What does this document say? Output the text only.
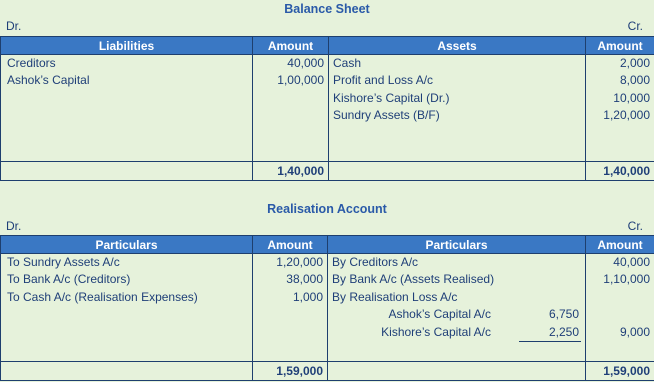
Balance Sheet
Dr.	Cr.
Liabilities	Amount	Assets	Amount
Creditors	40,000	Cash	2,000
Ashok’s Capital	1,00,000	Profit and Loss A/c	8,000
		Kishore’s Capital (Dr.)	10,000
		Sundry Assets (B/F)	1,20,000

	1,40,000		1,40,000
Realisation Account
Dr.	Cr.
Particulars	Amount	Particulars	Amount
To Sundry Assets A/c	1,20,000	By Creditors A/c	40,000
To Bank A/c (Creditors)	38,000	By Bank A/c (Assets Realised)	1,10,000
To Cash A/c (Realisation Expenses)	1,000	By Realisation Loss A/c	

		Ashok’s Capital A/c 6,750	

		Kishore’s Capital A/c 2,250	9,000

	1,59,000		1,59,000
